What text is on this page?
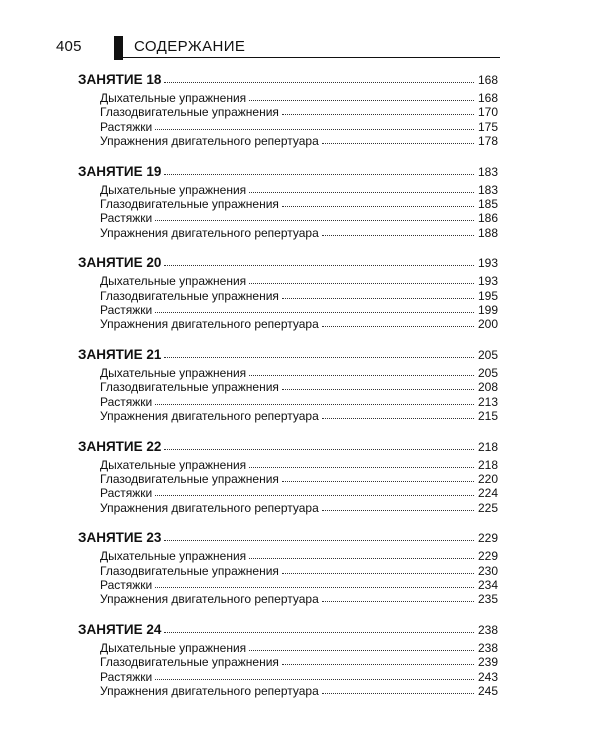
405	СОДЕРЖАНИЕ
ЗАНЯТИЕ 18	168
Дыхательные упражнения	168
Глазодвигательные упражнения	170
Растяжки	175
Упражнения двигательного репертуара	178
ЗАНЯТИЕ 19	183
Дыхательные упражнения	183
Глазодвигательные упражнения	185
Растяжки	186
Упражнения двигательного репертуара	188
ЗАНЯТИЕ 20	193
Дыхательные упражнения	193
Глазодвигательные упражнения	195
Растяжки	199
Упражнения двигательного репертуара	200
ЗАНЯТИЕ 21	205
Дыхательные упражнения	205
Глазодвигательные упражнения	208
Растяжки	213
Упражнения двигательного репертуара	215
ЗАНЯТИЕ 22	218
Дыхательные упражнения	218
Глазодвигательные упражнения	220
Растяжки	224
Упражнения двигательного репертуара	225
ЗАНЯТИЕ 23	229
Дыхательные упражнения	229
Глазодвигательные упражнения	230
Растяжки	234
Упражнения двигательного репертуара	235
ЗАНЯТИЕ 24	238
Дыхательные упражнения	238
Глазодвигательные упражнения	239
Растяжки	243
Упражнения двигательного репертуара	245
